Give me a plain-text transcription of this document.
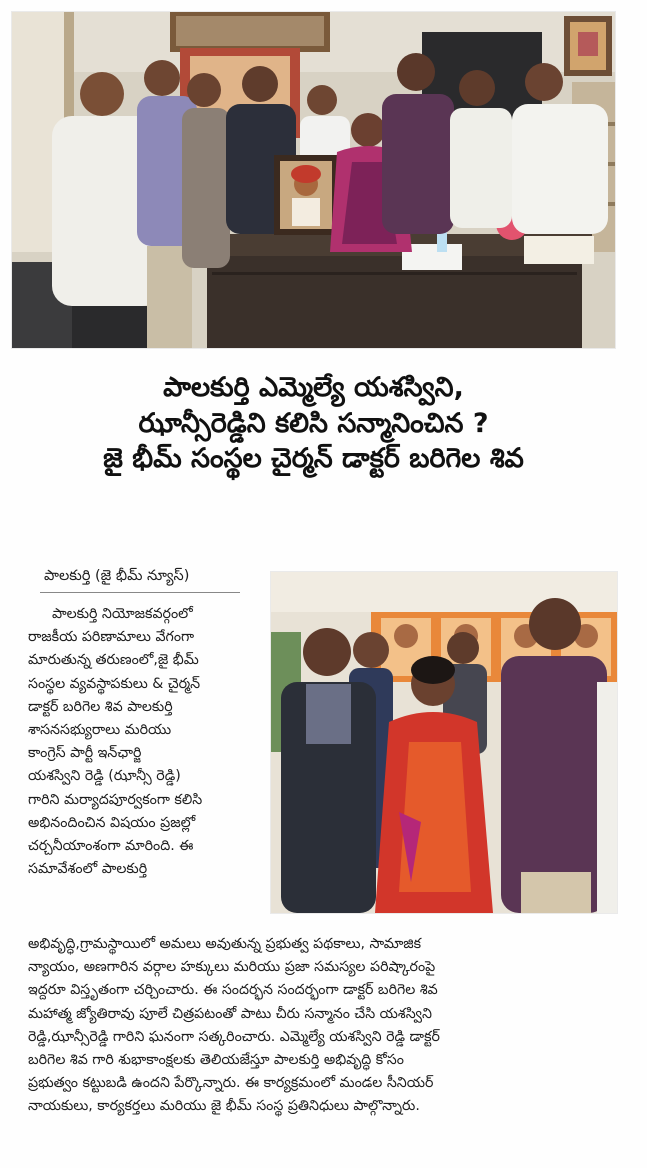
పాలకుర్తి ఎమ్మెల్యే యశస్విని,
ఝాన్సీరెడ్డిని కలిసి సన్మానించిన ?
జై భీమ్ సంస్థల చైర్మన్ డాక్టర్ బరిగెల శివ
పాలకుర్తి (జై భీమ్ న్యూస్)
పాలకుర్తి నియోజకవర్గంలో
రాజకీయ పరిణామాలు వేగంగా
మారుతున్న తరుణంలో,జై భీమ్
సంస్థల వ్యవస్థాపకులు & చైర్మన్
డాక్టర్ బరిగెల శివ పాలకుర్తి
శాసనసభ్యురాలు మరియు
కాంగ్రెస్ పార్టీ ఇన్‌ఛార్జి
యశస్విని రెడ్డి (ఝాన్సీ రెడ్డి)
గారిని మర్యాదపూర్వకంగా కలిసి
అభినందించిన విషయం ప్రజల్లో
చర్చనీయాంశంగా మారింది. ఈ
సమావేశంలో పాలకుర్తి
అభివృద్ధి,గ్రామస్థాయిలో అమలు అవుతున్న ప్రభుత్వ పథకాలు, సామాజిక
న్యాయం, అణగారిన వర్గాల హక్కులు మరియు ప్రజా సమస్యల పరిష్కారంపై
ఇద్దరూ విస్తృతంగా చర్చించారు. ఈ సందర్భన సందర్భంగా డాక్టర్ బరిగెల శివ
మహాత్మ జ్యోతిరావు పూలే చిత్రపటంతో పాటు చీరు సన్మానం చేసి యశస్విని
రెడ్డి,ఝాన్సీరెడ్డి గారిని ఘనంగా సత్కరించారు. ఎమ్మెల్యే యశస్విని రెడ్డి డాక్టర్
బరిగెల శివ గారి శుభాకాంక్షలకు తెలియజేస్తూ పాలకుర్తి అభివృద్ధి కోసం
ప్రభుత్వం కట్టుబడి ఉందని పేర్కొన్నారు. ఈ కార్యక్రమంలో మండల సీనియర్
నాయకులు, కార్యకర్తలు మరియు జై భీమ్ సంస్థ ప్రతినిధులు పాల్గొన్నారు.
